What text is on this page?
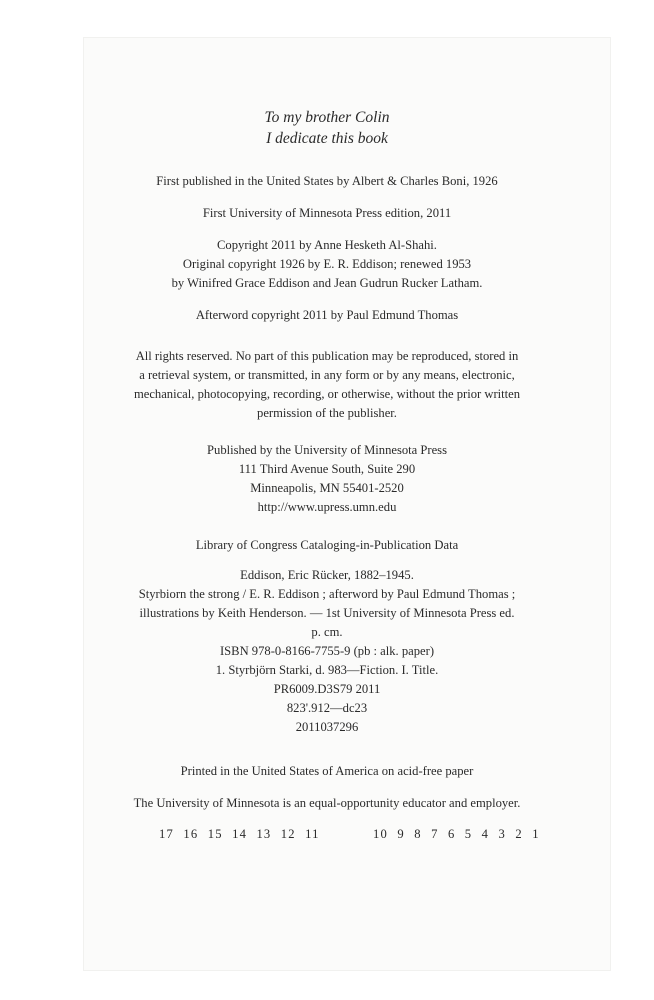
To my brother Colin
I dedicate this book
First published in the United States by Albert & Charles Boni, 1926
First University of Minnesota Press edition, 2011
Copyright 2011 by Anne Hesketh Al-Shahi.
Original copyright 1926 by E. R. Eddison; renewed 1953
by Winifred Grace Eddison and Jean Gudrun Rucker Latham.
Afterword copyright 2011 by Paul Edmund Thomas
All rights reserved. No part of this publication may be reproduced, stored in
a retrieval system, or transmitted, in any form or by any means, electronic,
mechanical, photocopying, recording, or otherwise, without the prior written
permission of the publisher.
Published by the University of Minnesota Press
111 Third Avenue South, Suite 290
Minneapolis, MN 55401-2520
http://www.upress.umn.edu
Library of Congress Cataloging-in-Publication Data
Eddison, Eric Rücker, 1882–1945.
Styrbiorn the strong / E. R. Eddison ; afterword by Paul Edmund Thomas ;
illustrations by Keith Henderson. — 1st University of Minnesota Press ed.
p. cm.
ISBN 978-0-8166-7755-9 (pb : alk. paper)
1. Styrbjörn Starki, d. 983—Fiction. I. Title.
PR6009.D3S79 2011
823'.912—dc23
2011037296
Printed in the United States of America on acid-free paper
The University of Minnesota is an equal-opportunity educator and employer.
17 16 15 14 13 12 11	10 9 8 7 6 5 4 3 2 1
